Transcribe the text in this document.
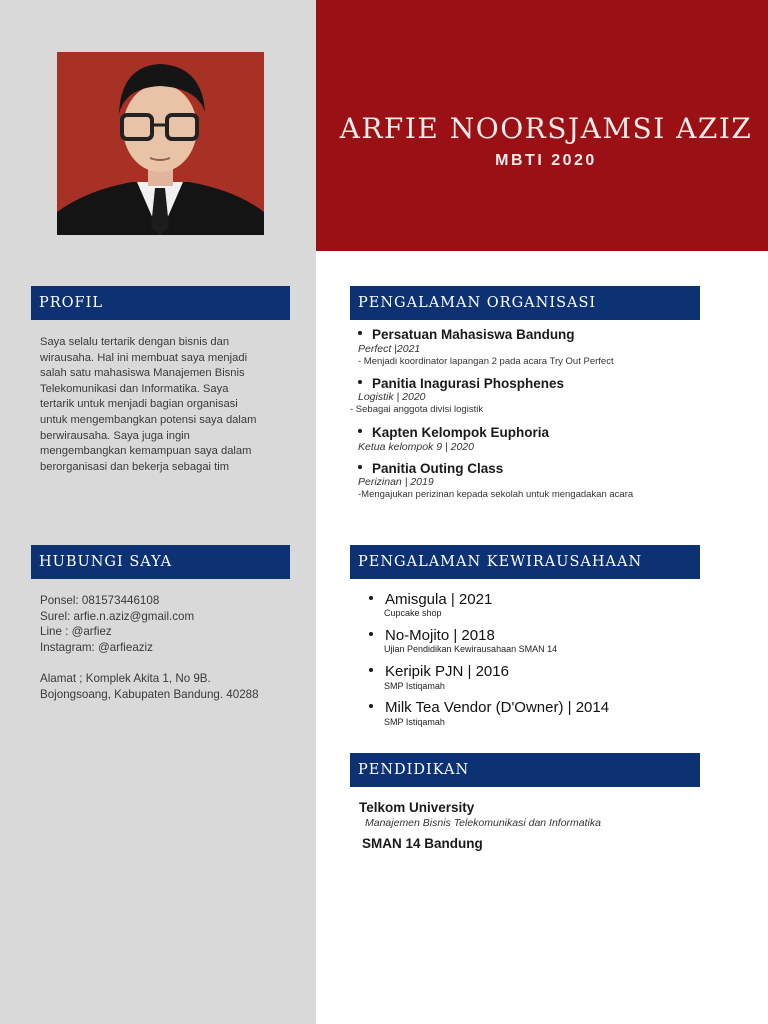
ARFIE NOORSJAMSI AZIZ
MBTI 2020
PROFIL
Saya selalu tertarik dengan bisnis dan
wirausaha. Hal ini membuat saya menjadi
salah satu mahasiswa Manajemen Bisnis
Telekomunikasi dan Informatika. Saya
tertarik untuk menjadi bagian organisasi
untuk mengembangkan potensi saya dalam
berwirausaha. Saya juga ingin
mengembangkan kemampuan saya dalam
berorganisasi dan bekerja sebagai tim
HUBUNGI SAYA
Ponsel: 081573446108
Surel: arfie.n.aziz@gmail.com
Line : @arfiez
Instagram: @arfieaziz
Alamat ; Komplek Akita 1, No 9B.
Bojongsoang, Kabupaten Bandung. 40288
PENGALAMAN ORGANISASI
Persatuan Mahasiswa Bandung
Perfect |2021
- Menjadi koordinator lapangan 2 pada acara Try Out Perfect
Panitia Inagurasi Phosphenes
Logistik | 2020
- Sebagai anggota divisi logistik
Kapten Kelompok Euphoria
Ketua kelompok 9 | 2020
Panitia Outing Class
Perizinan | 2019
-Mengajukan perizinan kepada sekolah untuk mengadakan acara
PENGALAMAN KEWIRAUSAHAAN
Amisgula | 2021
Cupcake shop
No-Mojito | 2018
Ujian Pendidikan Kewirausahaan SMAN 14
Keripik PJN | 2016
SMP Istiqamah
Milk Tea Vendor (D'Owner) | 2014
SMP Istiqamah
PENDIDIKAN
Telkom University
Manajemen Bisnis Telekomunikasi dan Informatika
SMAN 14 Bandung
